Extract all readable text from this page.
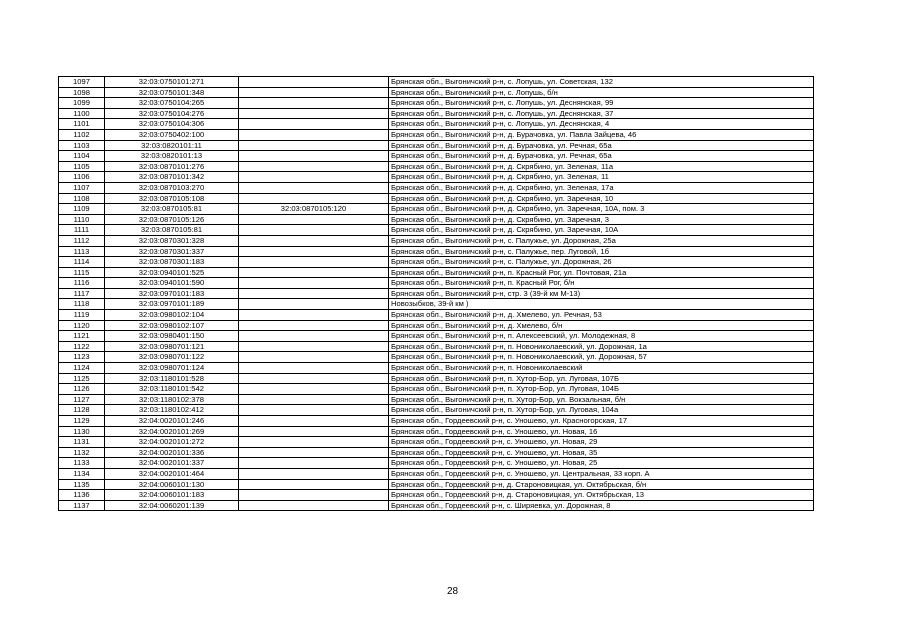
1097	32:03:0750101:271		Брянская обл., Выгоничский р-н, с. Лопушь, ул. Советская, 132
1098	32:03:0750101:348		Брянская обл., Выгоничский р-н, с. Лопушь, б/н
1099	32:03:0750104:265		Брянская обл., Выгоничский р-н, с. Лопушь, ул. Деснянская, 99
1100	32:03:0750104:276		Брянская обл., Выгоничский р-н, с. Лопушь, ул. Деснянская, 37
1101	32:03:0750104:306		Брянская обл., Выгоничский р-н, с. Лопушь, ул. Деснянская, 4
1102	32:03:0750402:100		Брянская обл., Выгоничский р-н, д. Бурачовка, ул. Павла Зайцева, 46
1103	32:03:0820101:11		Брянская обл., Выгоничский р-н, д. Бурачовка, ул. Речная, 65а
1104	32:03:0820101:13		Брянская обл., Выгоничский р-н, д. Бурачовка, ул. Речная, 65а
1105	32:03:0870101:276		Брянская обл., Выгоничский р-н, д. Скрябино, ул. Зеленая, 11а
1106	32:03:0870101:342		Брянская обл., Выгоничский р-н, д. Скрябино, ул. Зеленая, 11
1107	32:03:0870103:270		Брянская обл., Выгоничский р-н, д. Скрябино, ул. Зеленая, 17а
1108	32:03:0870105:108		Брянская обл., Выгоничский р-н, д. Скрябино, ул. Заречная, 10
1109	32:03:0870105:81	32:03:0870105:120	Брянская обл., Выгоничский р-н, д. Скрябино, ул. Заречная, 10А, пом. 3
1110	32:03:0870105:126		Брянская обл., Выгоничский р-н, д. Скрябино, ул. Заречная, 3
1111	32:03:0870105:81		Брянская обл., Выгоничский р-н, д. Скрябино, ул. Заречная, 10А
1112	32:03:0870301:328		Брянская обл., Выгоничский р-н, с. Палужье, ул. Дорожная, 25а
1113	32:03:0870301:337		Брянская обл., Выгоничский р-н, с. Палужье, пер. Луговой, 1б
1114	32:03:0870301:183		Брянская обл., Выгоничский р-н, с. Палужье, ул. Дорожная, 26
1115	32:03:0940101:525		Брянская обл., Выгоничский р-н, п. Красный Рог, ул. Почтовая, 21а
1116	32:03:0940101:590		Брянская обл., Выгоничский р-н, п. Красный Рог, б/н
1117	32:03:0970101:183		Брянская обл., Выгоничский р-н, стр. 3 (39-й км М-13)
1118	32:03:0970101:189		Новозыбков, 39-й км )
1119	32:03:0980102:104		Брянская обл., Выгоничский р-н, д. Хмелево, ул. Речная, 53
1120	32:03:0980102:107		Брянская обл., Выгоничский р-н, д. Хмелево, б/н
1121	32:03:0980401:150		Брянская обл., Выгоничский р-н, п. Алексеевский, ул. Молодежная, 8
1122	32:03:0980701:121		Брянская обл., Выгоничский р-н, п. Новониколаевский, ул. Дорожная, 1а
1123	32:03:0980701:122		Брянская обл., Выгоничский р-н, п. Новониколаевский, ул. Дорожная, 57
1124	32:03:0980701:124		Брянская обл., Выгоничский р-н, п. Новониколаевский
1125	32:03:1180101:528		Брянская обл., Выгоничский р-н, п. Хутор-Бор, ул. Луговая, 107Б
1126	32:03:1180101:542		Брянская обл., Выгоничский р-н, п. Хутор-Бор, ул. Луговая, 104Б
1127	32:03:1180102:378		Брянская обл., Выгоничский р-н, п. Хутор-Бор, ул. Вокзальная, б/н
1128	32:03:1180102:412		Брянская обл., Выгоничский р-н, п. Хутор-Бор, ул. Луговая, 104а
1129	32:04:0020101:246		Брянская обл., Гордеевский р-н, с. Уношево, ул. Красногорская, 17
1130	32:04:0020101:269		Брянская обл., Гордеевский р-н, с. Уношево, ул. Новая, 16
1131	32:04:0020101:272		Брянская обл., Гордеевский р-н, с. Уношево, ул. Новая, 29
1132	32:04:0020101:336		Брянская обл., Гордеевский р-н, с. Уношево, ул. Новая, 35
1133	32:04:0020101:337		Брянская обл., Гордеевский р-н, с. Уношево, ул. Новая, 25
1134	32:04:0020101:464		Брянская обл., Гордеевский р-н, с. Уношево, ул. Центральная, 33 корп. А
1135	32:04:0060101:130		Брянская обл., Гордеевский р-н, д. Староновицкая, ул. Октябрьская, б/н
1136	32:04:0060101:183		Брянская обл., Гордеевский р-н, д. Староновицкая, ул. Октябрьская, 13
1137	32:04:0060201:139		Брянская обл., Гордеевский р-н, с. Ширяевка, ул. Дорожная, 8
28
